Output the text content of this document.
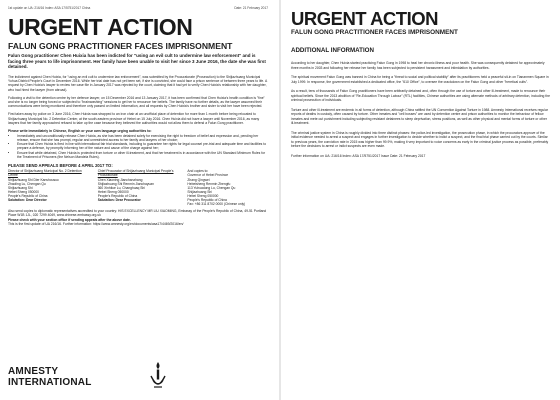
1st update on UA: 216/16 Index: ASA 17/5751/2017 China	Date: 21 February 2017
URGENT ACTION
FALUN GONG PRACTITIONER FACES IMPRISONMENT

Falun Gong practitioner Chen Huixia has been indicted for "using an evil cult to undermine law enforcement" and is facing three years to life imprisonment. Her family have been unable to visit her since 3 June 2016, the date she was first detained.

The indictment against Chen Huixia, for "using an evil cult to undermine law enforcement", was submitted by the Procuratorate (Prosecution) to the Shijiazhuang Municipal Yuhua District People's Court in December 2016. While her trial date has not yet been set, if she is convicted, she could face a prison sentence of between three years to life. A request by Chen Huixia's lawyer to review her case file in January 2017 was rejected by the court, claiming that it had yet to verify Chen Huixia's relationship with her daughter, who had hired the lawyer (from abroad).

Following a visit to the detention centre by her defence lawyer, on 15 December 2016 and 13 January 2017, it has been confirmed that Chen Huixia's health condition is "fine" and she is no longer being forced or subjected to "brainwashing" sessions to get her to renounce her beliefs. The family have no further details, as the lawyer assumed their communications were being monitored and therefore only passed on limited information, and all requests by Chen Huixia's brother and sister to visit her have been rejected.

First taken away by police on 3 June 2016, Chen Huixia was strapped to an iron chair at an unofficial place of detention for more than 1 month before being relocated to Shijiazhuang Municipal No. 2 Detention Center, at the south-eastern province of Hebei on 15 July 2016. Chen Huixia did not have a lawyer until November 2016, as many lawyers that her family approached refused to take up the case because they believed the authorities would not allow them to defend a Falun Gong practitioner.

Please write immediately in Chinese, English or your own language urging authorities to:

• Immediately and unconditionally release Chen Huixia, as she has been detained solely for exercising the right to freedom of belief and expression and, pending her release, ensure that she has prompt, regular and unrestricted access to her family and lawyers of her choice;
• Ensure that Chen Huixia is fired in line with international fair trial standards, including to guarantee her rights for legal counsel pre-trial and adequate time and facilities to prepare a defence, by promptly informing her of the nature and cause of the charge against her;
• Ensure that while detained, Chen Huixia is protected from torture or other ill-treatment, and that her treatment is in accordance with the UN Standard Minimum Rules for the Treatment of Prisoners (the Nelson Mandela Rules).
PLEASE SEND APPEALS BEFORE 4 APRIL 2017 TO:
Director of Shijiazhuang Municipal No. 2 Detention Centre
Shijiazhuang Shi Dier Kanshousuo
Zhaoling Lu, Chengan Qu
Shijiazhuang Shi
Hebei Sheng 050000
People's Republic of China
Salutation: Dear Director
Chief Procurator of Shijiazhuang Municipal People's Procuratorate
Chen Xiaoning Jianchanzhang
Shijiazhuang Shi Renmin Jianchayuan
360 Xinhilue Lu, Changhuaq Shi
Hebei Sheng 050000
People's Republic of China
Salutation: Dear Procurator
And copies to:
Governor of Hebei Province
Zhang Qingwei
Hebeisheng Renmin Zhengfu
113 Yuhuadong Lu, Chengan Qu
Shijiazhuang Shi
Hebei Sheng 050000
People's Republic of China
Fax: +86 311 8702 0000 (Chinese only)

Also send copies to diplomatic representatives accredited to your country: HIS EXCELLENCY MR LIU XIAOMING, Embassy of the People's Republic of China, 49-51 Portland Place W1B 1JL, 020 7299 4049, www.chinese-embassy.org.uk

Please check with your section office if sending appeals after the above date.

This is the first update of UA 216/16. Further information: https://www.amnesty.org/en/documents/asa17/4469/2016/en/

AMNESTY
INTERNATIONAL
URGENT ACTION
FALUN GONG PRACTITIONER FACES IMPRISONMENT
ADDITIONAL INFORMATION

According to her daughter, Chen Huixia started practicing Falun Gong in 1998 to heal her chronic illness and poor health. She was consequently detained for approximately three months in 2003 and following her release her family has been subjected to persistent harassment and intimidation by authorities.

The spiritual movement Falun Gong was banned in China for being a "threat to social and political stability" after its practitioners held a peaceful sit-in on Tiananmen Square in July 1999. In response, the government established a dedicated office, the "610 Office", to oversee the crackdown on the Falun Gong and other "heretical cults".

As a result, tens of thousands of Falun Gong practitioners have been arbitrarily detained and, often through the use of torture and other ill-treatment, made to renounce their spiritual beliefs. Since the 2013 abolition of "Re-Education Through Labour" (RTL) facilities, Chinese authorities are using alternate methods of arbitrary detention, including the criminal prosecution of individuals.

Torture and other ill-treatment are endemic in all forms of detention, although China ratified the UN Convention Against Torture in 1988. Amnesty International receives regular reports of deaths in custody, often caused by torture. Other inmates and "cell bosses" are used by detention centre and prison authorities to monitor the behaviour of fellow inmates and mete out punishment including subjecting resistant detainees to sleep deprivation, stress positions, as well as other physical and mental forms of torture or other ill-treatment.

The criminal justice system in China is roughly divided into three distinct phases: the police-led investigation, the prosecution phase, in which the procurators approve of the initial evidence needed to arrest a suspect and engages in further investigation to decide whether to indict a suspect, and the final trial phase carried out by the courts. Similar to previous years, the conviction rate in 2015 was higher than 99.9%, making it very important to voice concerns as early in the criminal justice process as possible, preferably before the decisions to arrest or indict suspects are even made.

Further information on UA: 216/16 Index: ASA 17/5751/2017 Issue Date: 21 February 2017
